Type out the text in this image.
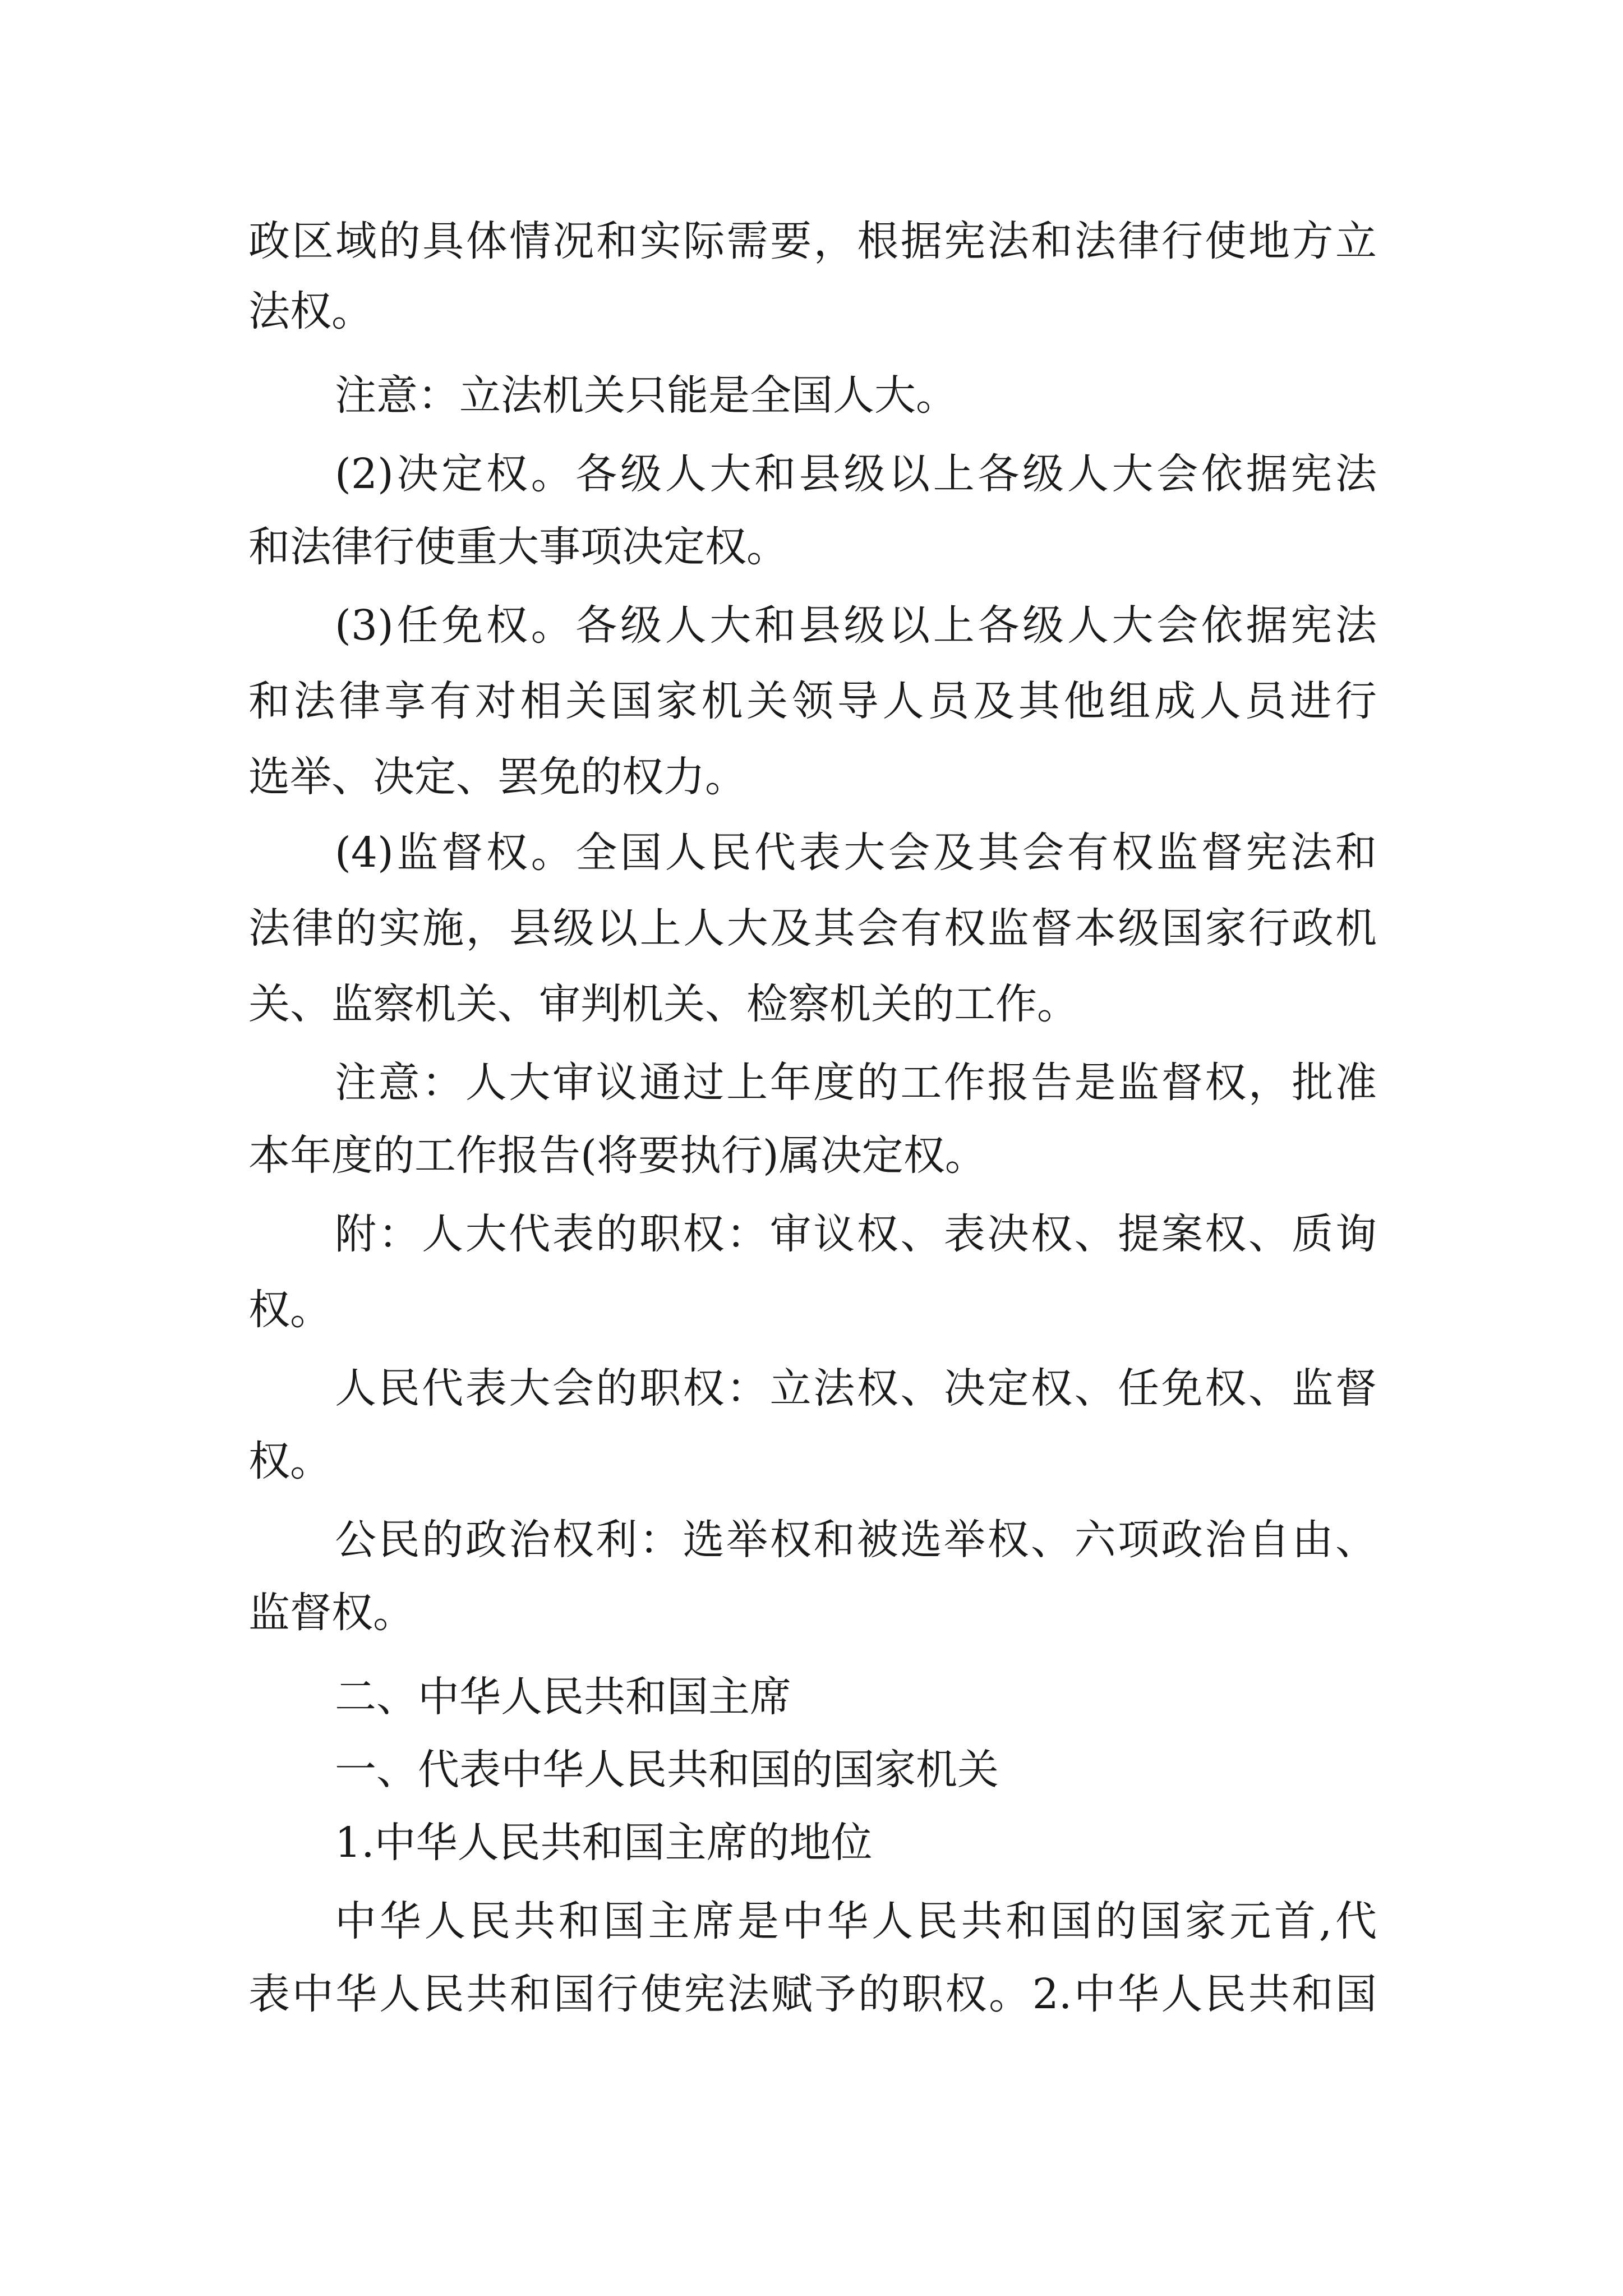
政区域的具体情况和实际需要，根据宪法和法律行使地方立

法权。

注意：立法机关只能是全国人大。

(2)决定权。各级人大和县级以上各级人大会依据宪法

和法律行使重大事项决定权。

(3)任免权。各级人大和县级以上各级人大会依据宪法

和法律享有对相关国家机关领导人员及其他组成人员进行

选举、决定、罢免的权力。

(4)监督权。全国人民代表大会及其会有权监督宪法和

法律的实施，县级以上人大及其会有权监督本级国家行政机

关、监察机关、审判机关、检察机关的工作。

注意：人大审议通过上年度的工作报告是监督权，批准

本年度的工作报告(将要执行)属决定权。

附：人大代表的职权：审议权、表决权、提案权、质询

权。

人民代表大会的职权：立法权、决定权、任免权、监督

权。

公民的政治权利：选举权和被选举权、六项政治自由、

监督权。

二、中华人民共和国主席

一、代表中华人民共和国的国家机关

1.中华人民共和国主席的地位

中华人民共和国主席是中华人民共和国的国家元首,代

表中华人民共和国行使宪法赋予的职权。2.中华人民共和国
